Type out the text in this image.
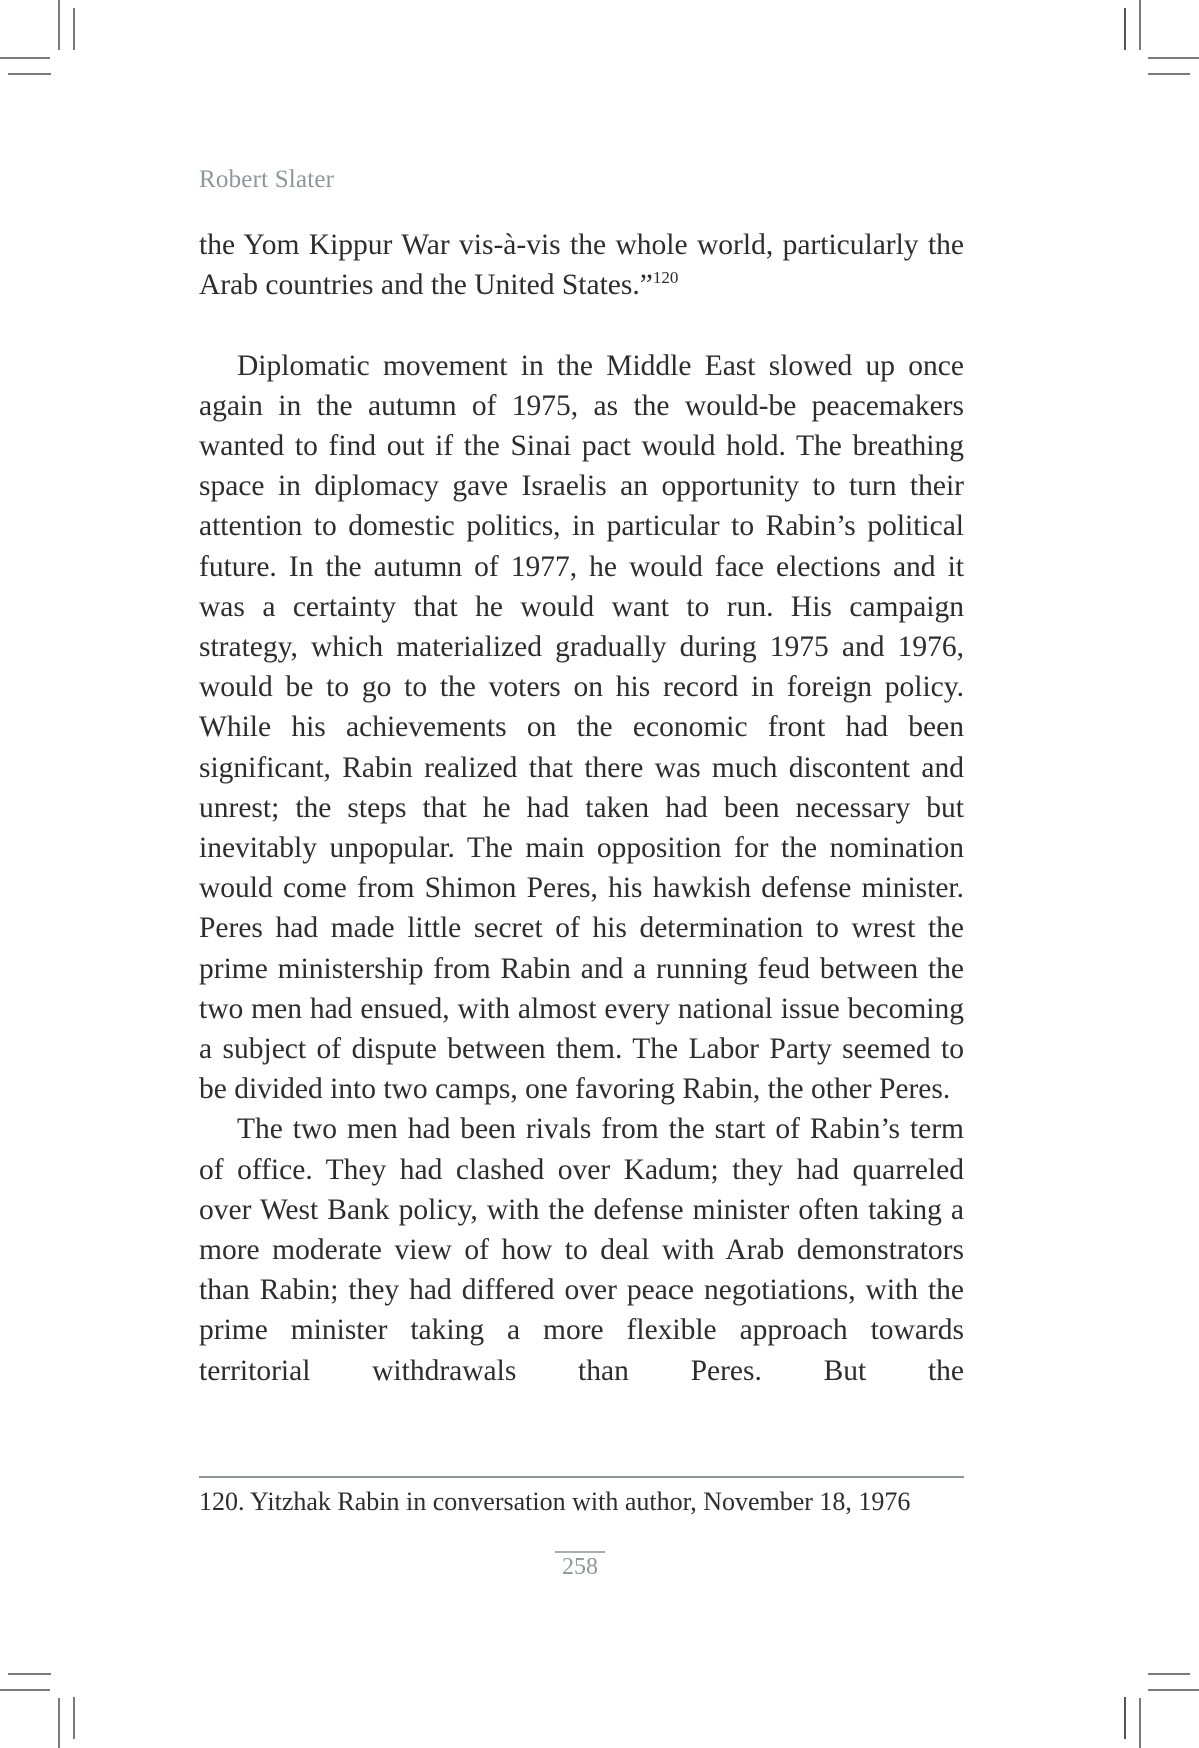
Robert Slater

the Yom Kippur War vis-à-vis the whole world, particularly the Arab countries and the United States.”$^{120}$

Diplomatic movement in the Middle East slowed up once again in the autumn of 1975, as the would-be peacemakers wanted to find out if the Sinai pact would hold. The breathing space in diplomacy gave Israelis an opportunity to turn their attention to domestic politics, in particular to Rabin’s political future. In the autumn of 1977, he would face elections and it was a certainty that he would want to run. His campaign strategy, which materialized gradually during 1975 and 1976, would be to go to the voters on his record in foreign policy. While his achievements on the economic front had been significant, Rabin realized that there was much discontent and unrest; the steps that he had taken had been necessary but inevitably unpopular. The main opposition for the nomination would come from Shimon Peres, his hawkish defense minister. Peres had made little secret of his determination to wrest the prime ministership from Rabin and a running feud between the two men had ensued, with almost every national issue becoming a subject of dispute between them. The Labor Party seemed to be divided into two camps, one favoring Rabin, the other Peres.

The two men had been rivals from the start of Rabin’s term of office. They had clashed over Kadum; they had quarreled over West Bank policy, with the defense minister often taking a more moderate view of how to deal with Arab demonstrators than Rabin; they had differed over peace negotiations, with the prime minister taking a more flexible approach towards territorial withdrawals than Peres. But the

120. Yitzhak Rabin in conversation with author, November 18, 1976
258
